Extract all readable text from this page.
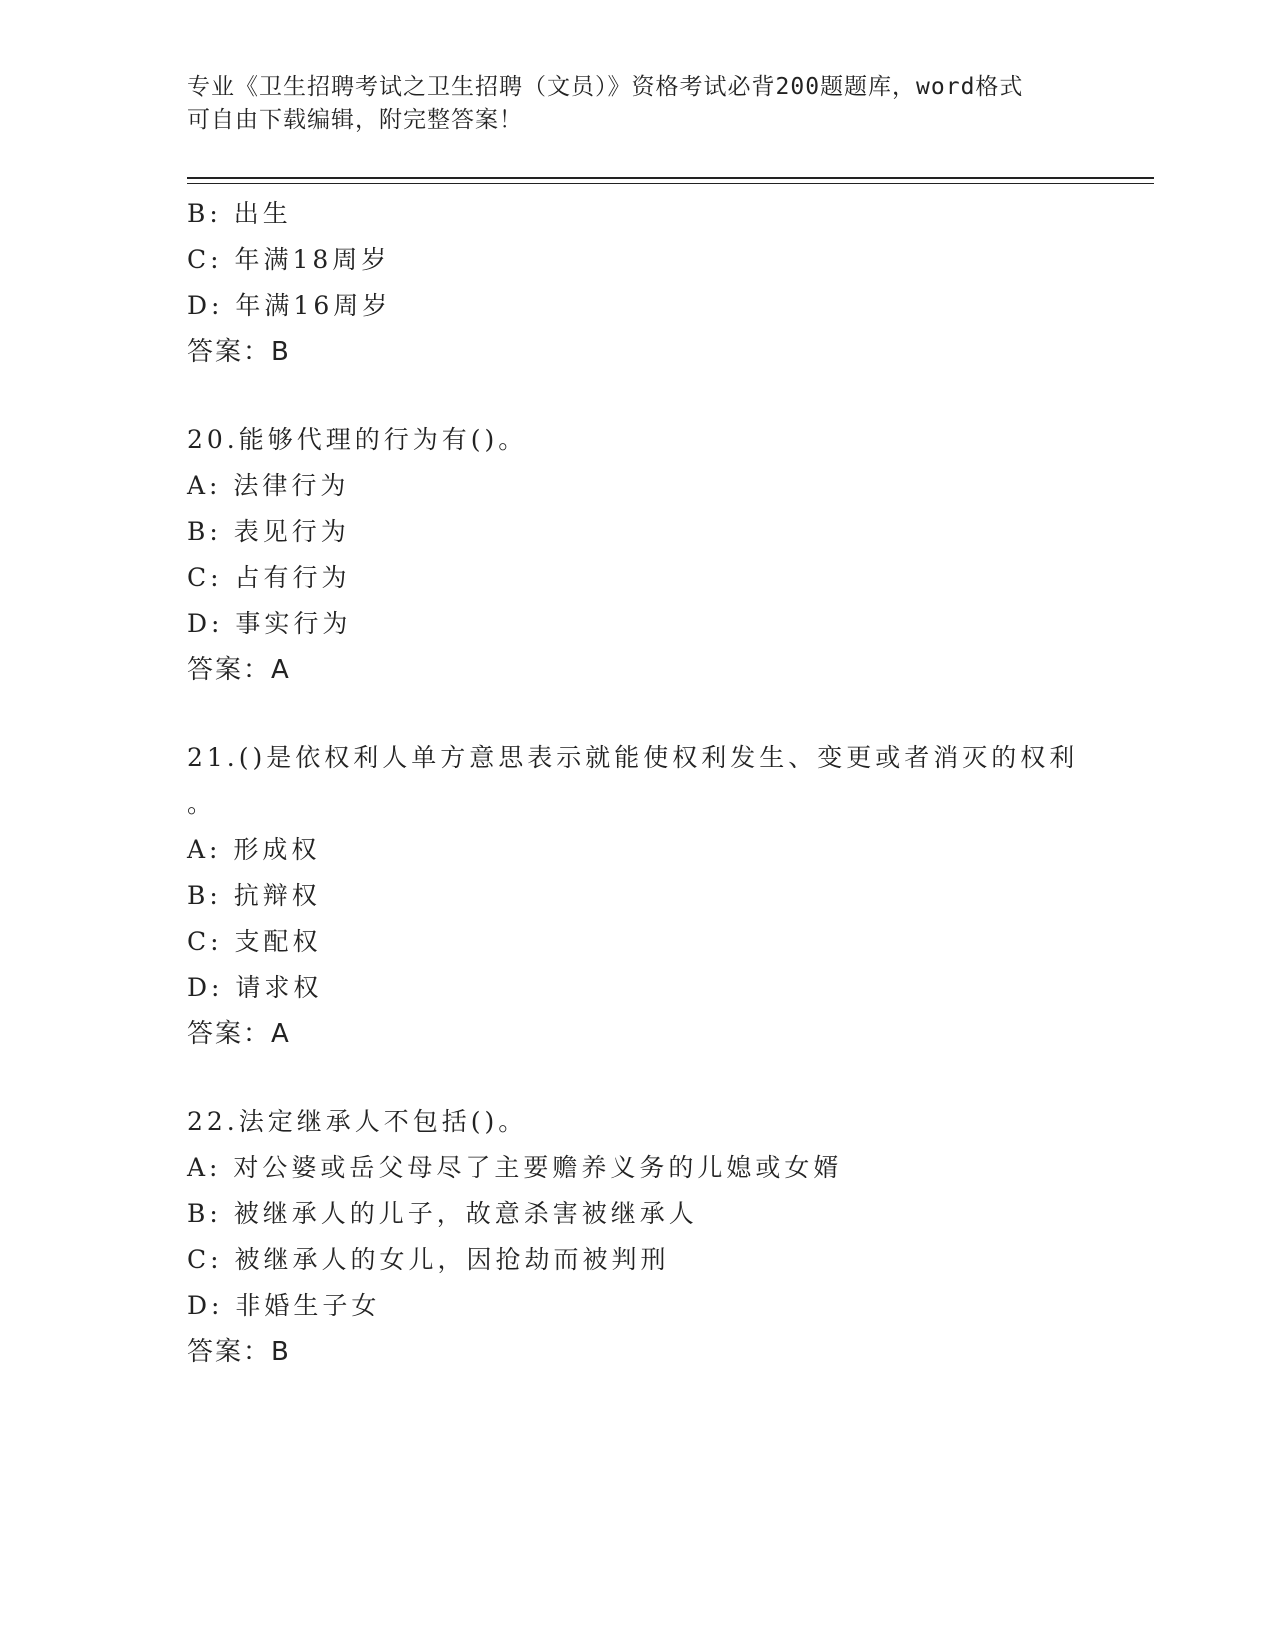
专业《卫生招聘考试之卫生招聘（文员）》资格考试必背200题题库，word格式
可自由下载编辑，附完整答案！
B: 出生
C: 年满18周岁
D: 年满16周岁
答案：B
20.能够代理的行为有()。
A: 法律行为
B: 表见行为
C: 占有行为
D: 事实行为
答案：A
21.()是依权利人单方意思表示就能使权利发生、变更或者消灭的权利
。
A: 形成权
B: 抗辩权
C: 支配权
D: 请求权
答案：A
22.法定继承人不包括()。
A: 对公婆或岳父母尽了主要赡养义务的儿媳或女婿
B: 被继承人的儿子，故意杀害被继承人
C: 被继承人的女儿，因抢劫而被判刑
D: 非婚生子女
答案：B
